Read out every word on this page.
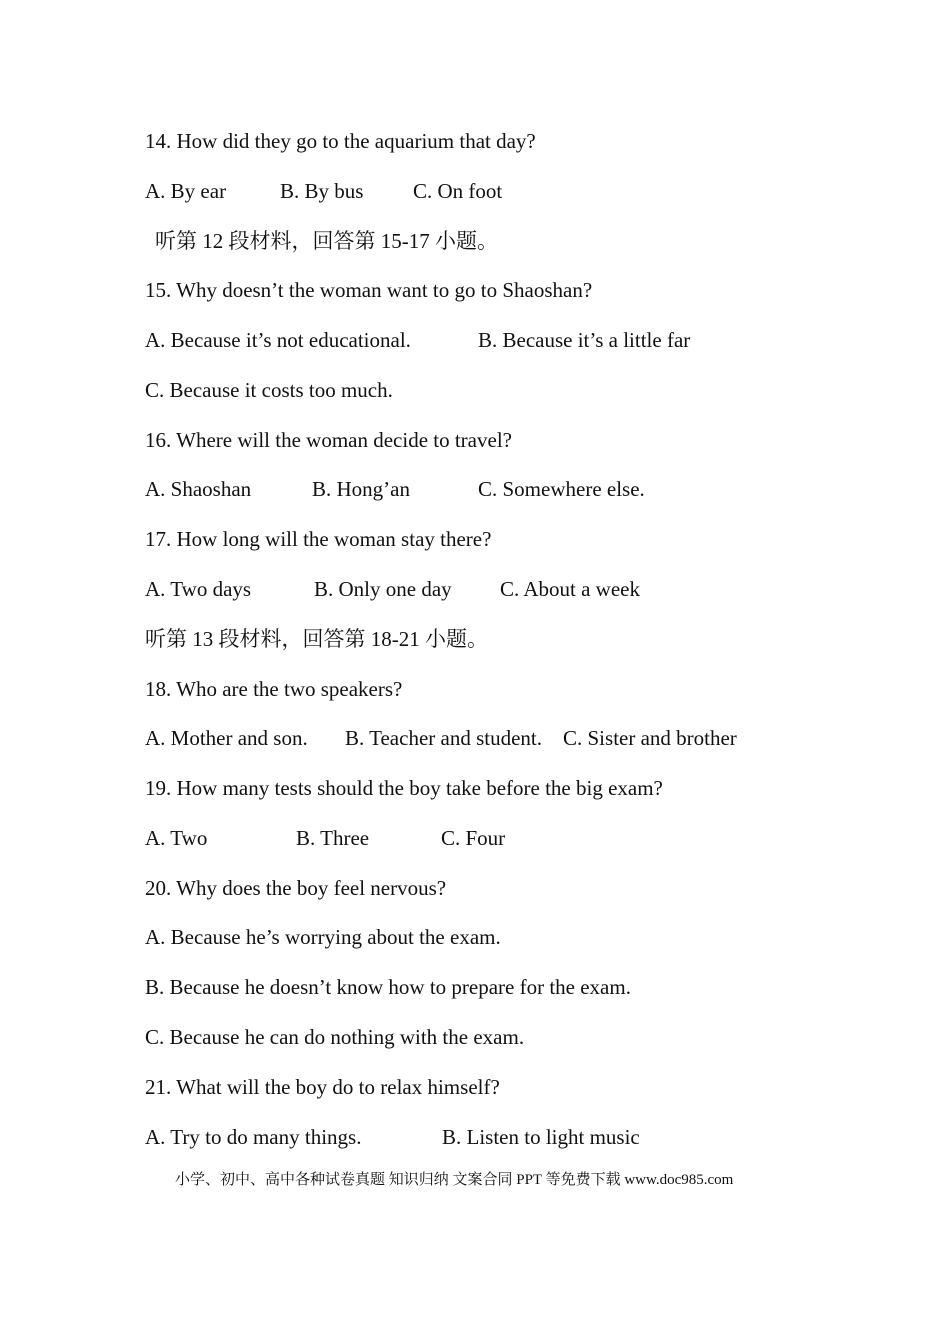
14. How did they go to the aquarium that day?
A. By ear	B. By bus C. On foot
听第 12 段材料，回答第 15-17 小题。
15. Why doesn’t the woman want to go to Shaoshan?
A. Because it’s not educational.	B. Because it’s a little far
C. Because it costs too much.
16. Where will the woman decide to travel?
A. Shaoshan	B. Hong’an	C. Somewhere else.
17. How long will the woman stay there?
A. Two days	B. Only one day C. About a week
听第 13 段材料，回答第 18-21 小题。
18. Who are the two speakers?
A. Mother and son. B. Teacher and student. C. Sister and brother
19. How many tests should the boy take before the big exam?
A. Two	B. Three	C. Four
20. Why does the boy feel nervous?
A. Because he’s worrying about the exam.
B. Because he doesn’t know how to prepare for the exam.
C. Because he can do nothing with the exam.
21. What will the boy do to relax himself?
A. Try to do many things.	B. Listen to light music
小学、初中、高中各种试卷真题 知识归纳 文案合同 PPT 等免费下载 www.doc985.com
